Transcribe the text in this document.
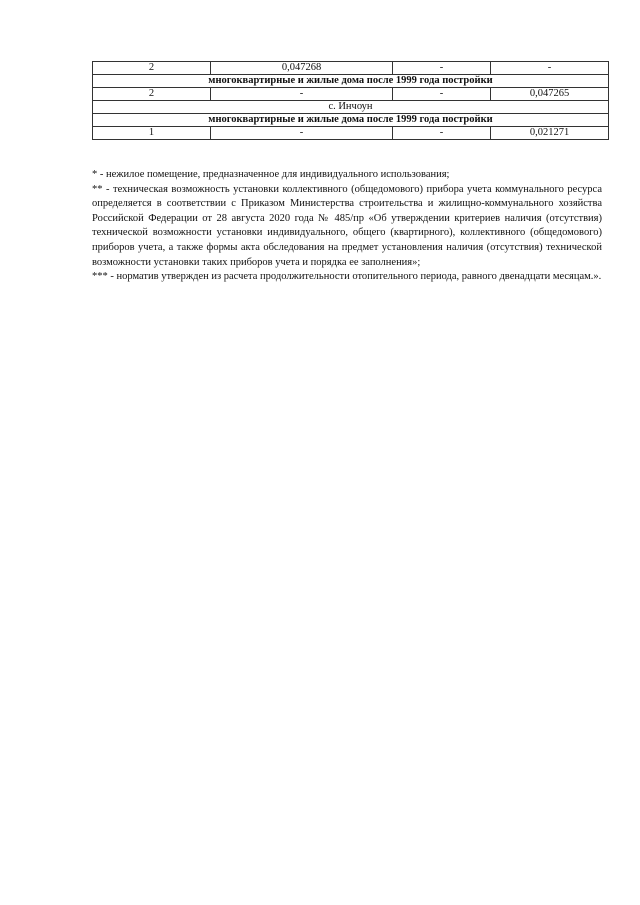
2	0,047268	-	-
многоквартирные и жилые дома после 1999 года постройки			
2	-	-	0,047265
с. Инчоун			
многоквартирные и жилые дома после 1999 года постройки			
1	-	-	0,021271

* - нежилое помещение, предназначенное для индивидуального использования;

** - техническая возможность установки коллективного (общедомового) прибора учета коммунального ресурса определяется в соответствии с Приказом Министерства строительства и жилищно-коммунального хозяйства Российской Федерации от 28 августа 2020 года № 485/пр «Об утверждении критериев наличия (отсутствия) технической возможности установки индивидуального, общего (квартирного), коллективного (общедомового) приборов учета, а также формы акта обследования на предмет установления наличия (отсутствия) технической возможности установки таких приборов учета и порядка ее заполнения»;

*** - норматив утвержден из расчета продолжительности отопительного периода, равного двенадцати месяцам.».
